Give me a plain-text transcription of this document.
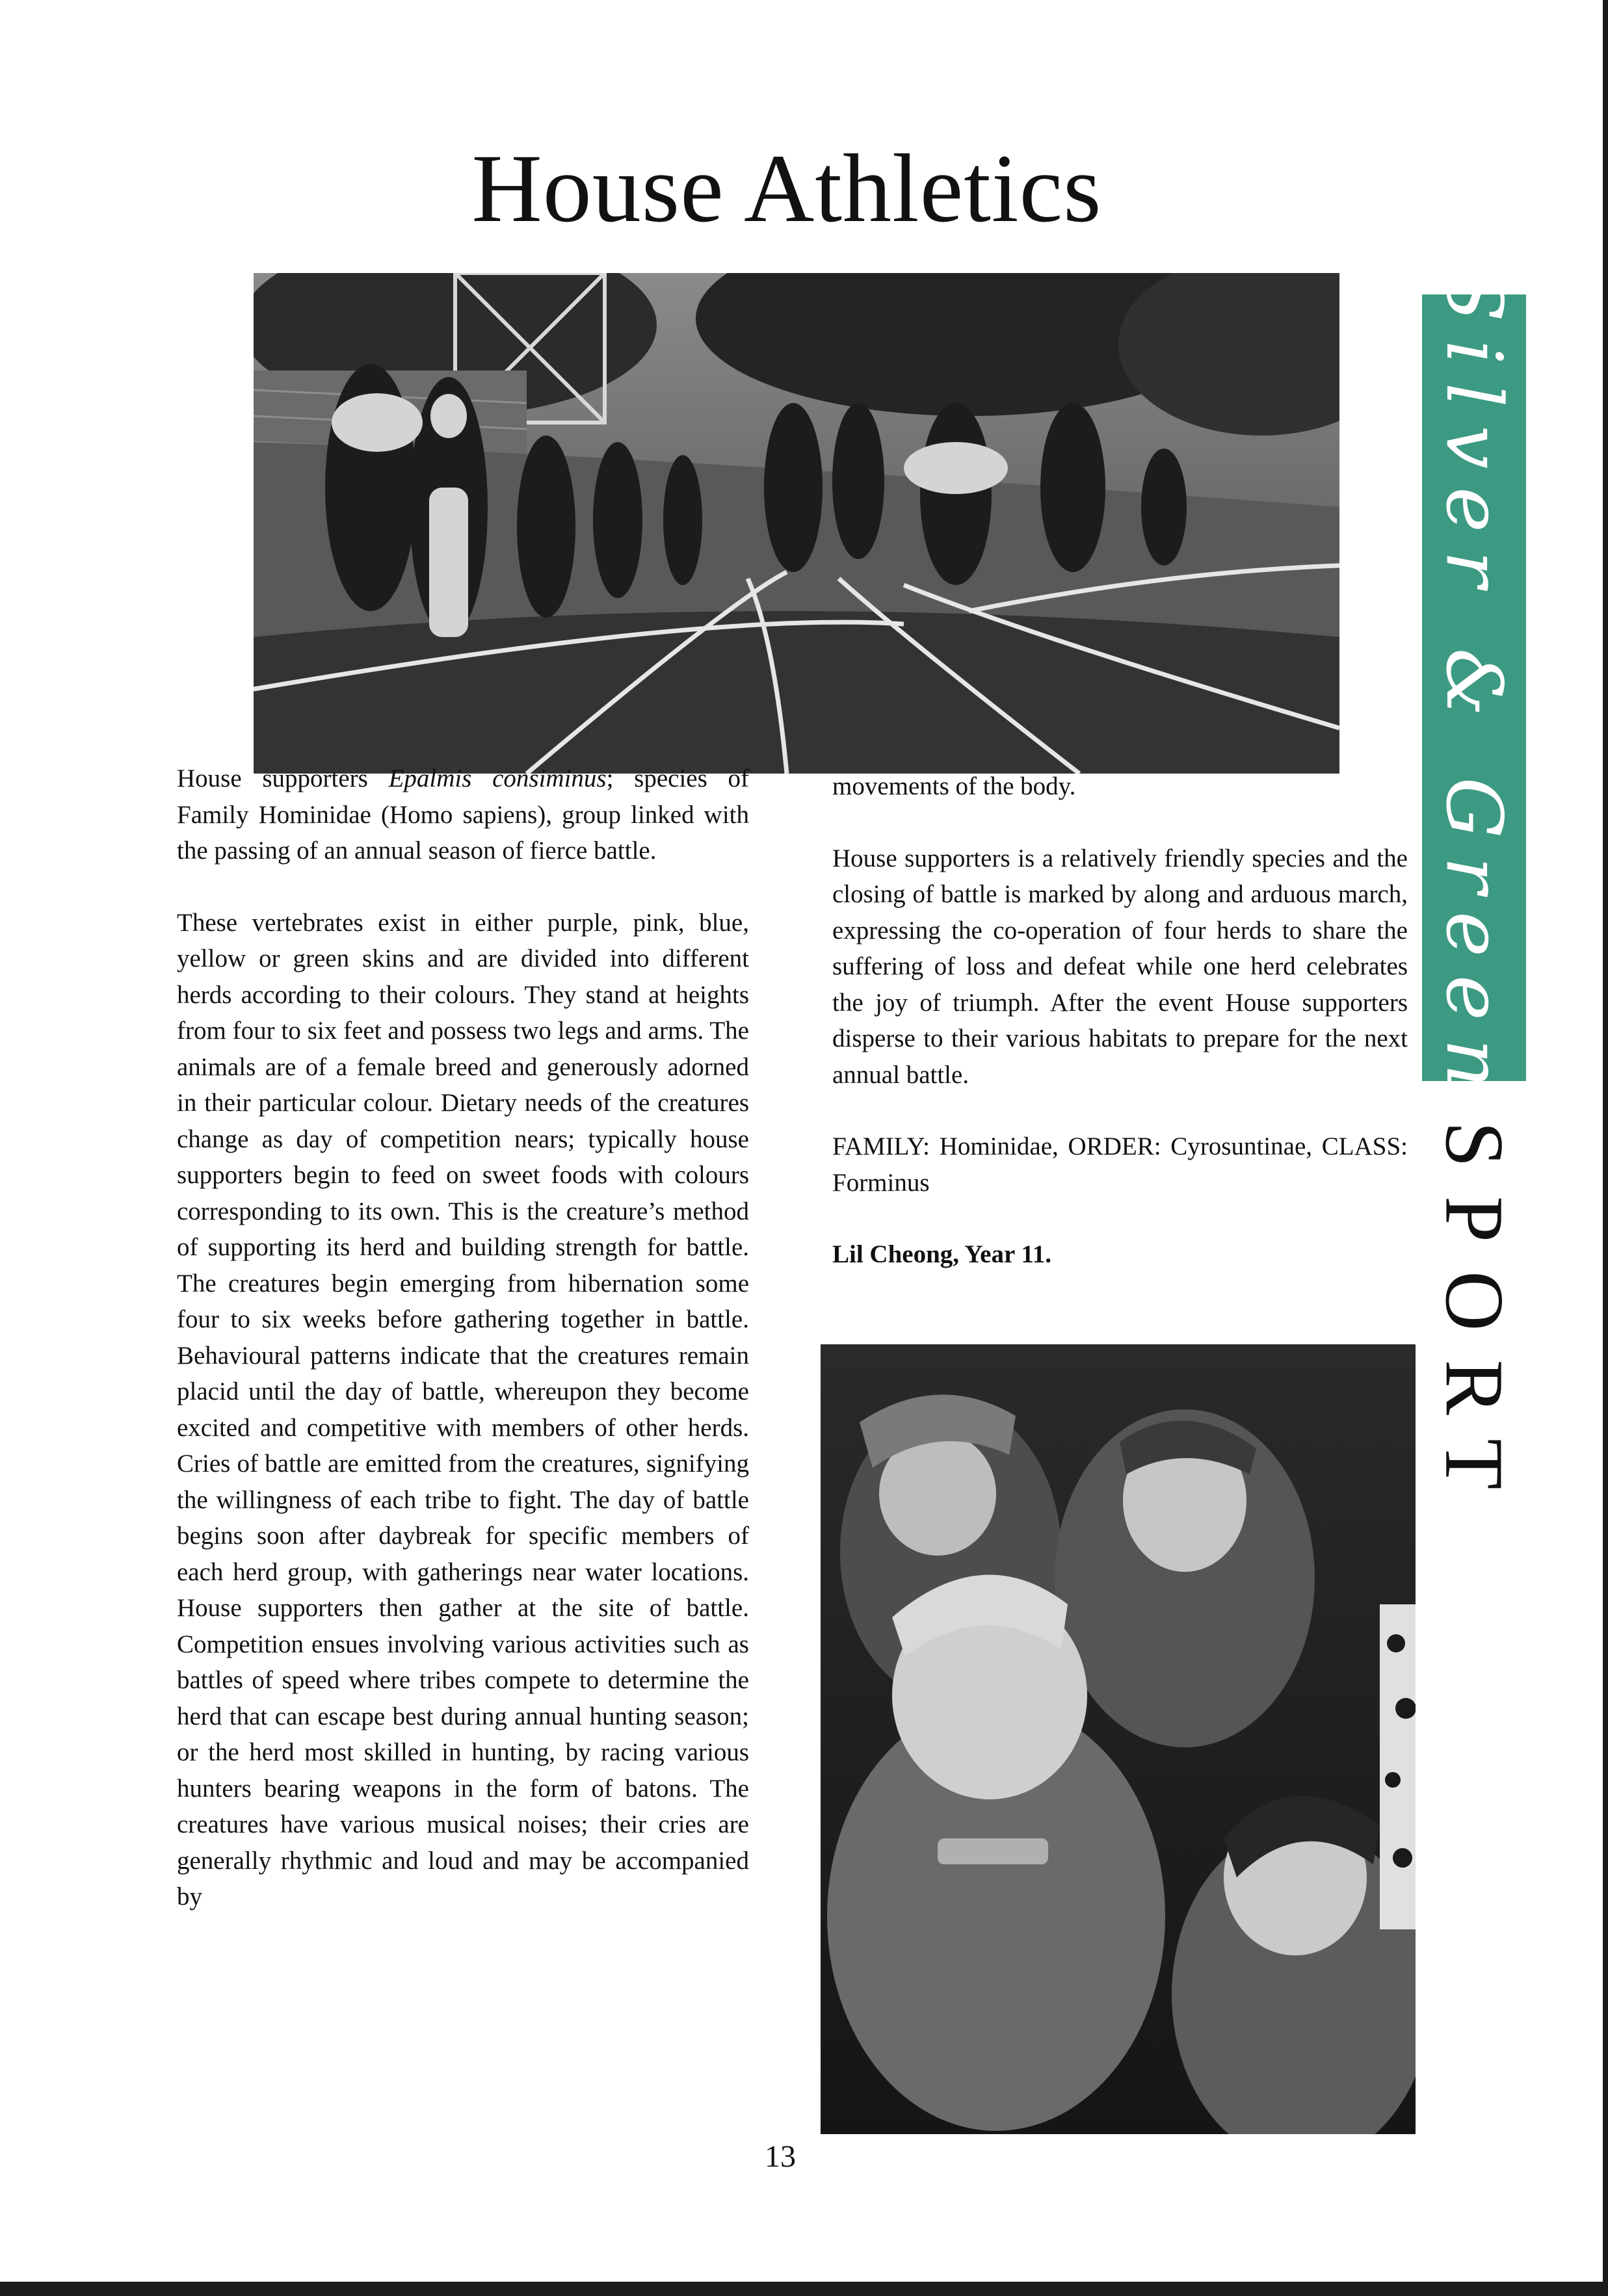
House Athletics

House supporters Epalmis consiminus; species of Family Hominidae (Homo sapiens), group linked with the passing of an annual season of fierce battle.

These vertebrates exist in either purple, pink, blue, yellow or green skins and are divided into different herds according to their colours. They stand at heights from four to six feet and possess two legs and arms. The animals are of a female breed and generously adorned in their particular colour. Dietary needs of the creatures change as day of competition nears; typically house supporters begin to feed on sweet foods with colours corresponding to its own. This is the creature’s method of supporting its herd and building strength for battle. The creatures begin emerging from hibernation some four to six weeks before gathering together in battle. Behavioural patterns indicate that the creatures remain placid until the day of battle, whereupon they become excited and competitive with members of other herds. Cries of battle are emitted from the creatures, signifying the willingness of each tribe to fight. The day of battle begins soon after daybreak for specific members of each herd group, with gatherings near water locations. House supporters then gather at the site of battle. Competition ensues involving various activities such as battles of speed where tribes compete to determine the herd that can escape best during annual hunting season; or the herd most skilled in hunting, by racing various hunters bearing weapons in the form of batons. The creatures have various musical noises; their cries are generally rhythmic and loud and may be accompanied by

movements of the body.

House supporters is a relatively friendly species and the closing of battle is marked by along and arduous march, expressing the co-operation of four herds to share the suffering of loss and defeat while one herd celebrates the joy of triumph. After the event House supporters disperse to their various habitats to prepare for the next annual battle.

FAMILY: Hominidae, ORDER: Cyrosuntinae, CLASS: Forminus

Lil Cheong, Year 11.

Silver & Green
SPORT
13
